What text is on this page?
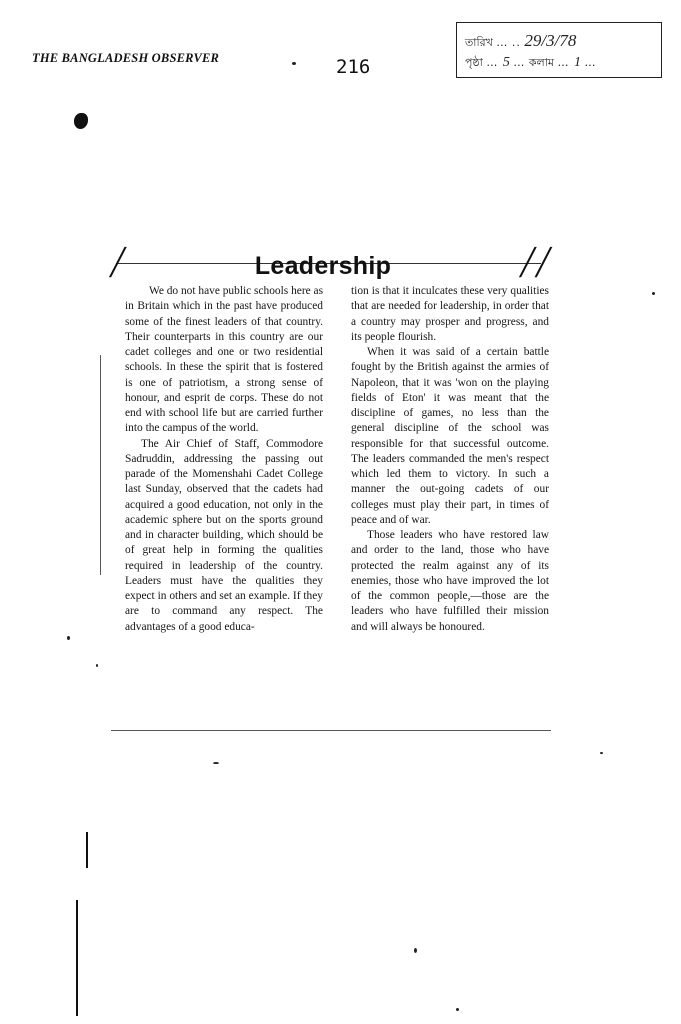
THE BANGLADESH OBSERVER	216
তারিখ … .. 29/3/78
পৃষ্ঠা … 5 … কলাম … 1 …
╱	╱╱
Leadership

We do not have public schools here as in Britain which in the past have produced some of the finest leaders of that country. Their counterparts in this country are our cadet colleges and one or two residential schools. In these the spirit that is fostered is one of patriotism, a strong sense of honour, and esprit de corps. These do not end with school life but are carried further into the campus of the world.

The Air Chief of Staff, Commodore Sadruddin, addressing the passing out parade of the Momenshahi Cadet College last Sunday, observed that the cadets had acquired a good education, not only in the academic sphere but on the sports ground and in character building, which should be of great help in forming the qualities required in leadership of the country. Leaders must have the qualities they expect in others and set an example. If they are to command any respect. The advantages of a good educa-

tion is that it inculcates these very qualities that are needed for leadership, in order that a country may prosper and progress, and its people flourish.

When it was said of a certain battle fought by the British against the armies of Napoleon, that it was 'won on the playing fields of Eton' it was meant that the discipline of games, no less than the general discipline of the school was responsible for that successful outcome. The leaders commanded the men's respect which led them to victory. In such a manner the out-going cadets of our colleges must play their part, in times of peace and of war.

Those leaders who have restored law and order to the land, those who have protected the realm against any of its enemies, those who have improved the lot of the common people,—those are the leaders who have fulfilled their mission and will always be honoured.
